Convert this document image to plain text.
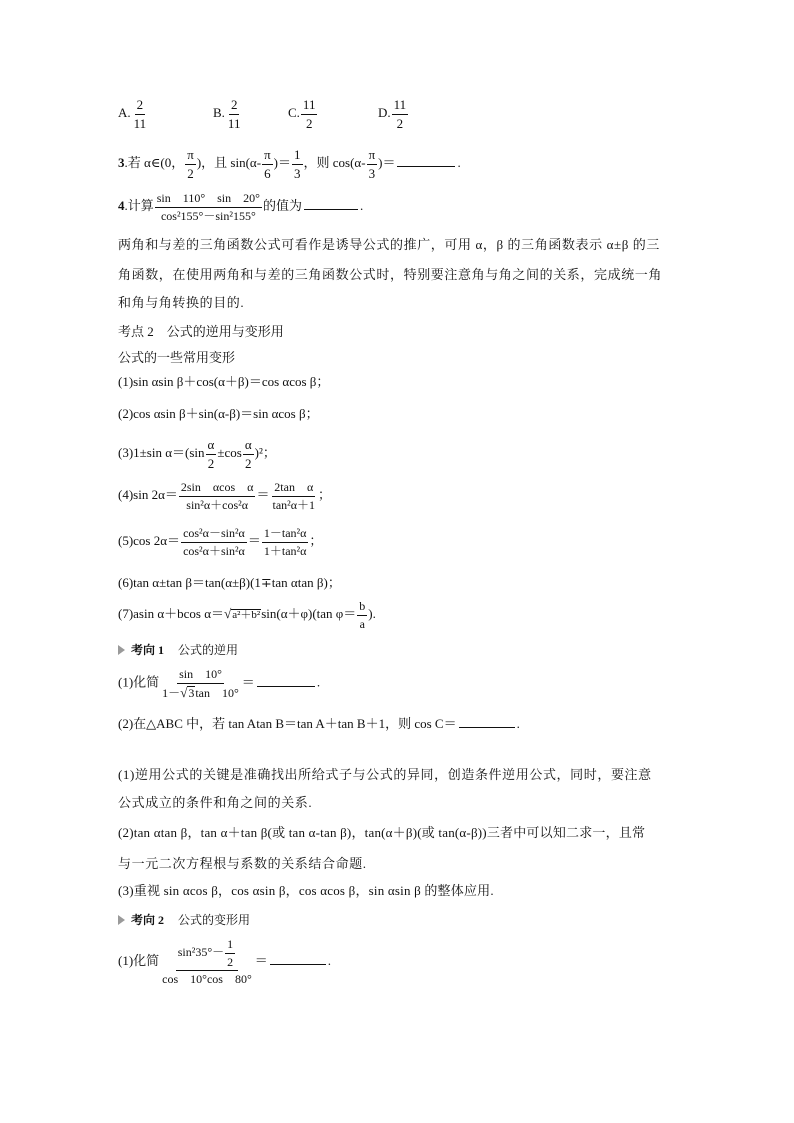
A. $\frac{2}{11}$	B. $\frac{2}{11}$	C. $\frac{11}{2}$	D. $\frac{11}{2}$
3.若 α∈(0， $\frac{\pi}{2}$ )，且 $\sin(\alpha- \frac{\pi}{6}$ )＝ $\frac{1}{3}$ ，则 $\cos(\alpha- \frac{\pi}{3}$ )＝	.
4.计算 $\frac{\sin 110^\circ \sin 20^\circ}{\text{cos²155°－sin²155°}}$ 的值为	.
两角和与差的三角函数公式可看作是诱导公式的推广，可用 α，β 的三角函数表示 α±β 的三
角函数，在使用两角和与差的三角函数公式时，特别要注意角与角之间的关系，完成统一角
和角与角转换的目的.
考点 2　公式的逆用与变形用
公式的一些常用变形
(1)sin αsin β＋cos(α＋β)＝cos αcos β；
(2)cos αsin β＋sin(α-β)＝sin αcos β；
(3)1±sin $\alpha=(\sin \frac{\alpha}{2} \pm\cos \frac{\alpha}{2} )^2$；
(4)sin $2\alpha= \frac{\text{2sin　αcos　α}}{\text{sin²α＋cos²α}} = \frac{\text{2tan　α}}{\text{tan²α＋1}}$ ；
(5)cos $2\alpha= \frac{\text{cos²α－sin²α}}{\text{cos²α＋sin²α}} = \frac{\text{1－tan²α}}{\text{1＋tan²α}}$ ；
(6)tan α±tan β＝tan(α±β)(1∓tan αtan β)；
(7)asin α＋bcos α＝√a²＋b²sin(α＋φ)(tan $\varphi= \frac{b}{a}$ ).
考向 1 公式的逆用
(1)化简 $\frac{\sin 10^\circ}{1-√3\tan 10^\circ}$ ＝	.
(2)在△ABC 中，若 tan Atan B＝tan A＋tan B＋1，则 cos C＝	.
(1)逆用公式的关键是准确找出所给式子与公式的异同，创造条件逆用公式，同时，要注意
公式成立的条件和角之间的关系.
(2)tan αtan β，tan α＋tan β(或 tan α-tan β)，tan(α＋β)(或 tan(α-β))三者中可以知二求一，且常
与一元二次方程根与系数的关系结合命题.
(3)重视 sin αcos β，cos αsin β，cos αcos β，sin αsin β 的整体应用.
考向 2 公式的变形用
(1)化简 $\frac{\sin^235^\circ- \frac{1}{2}}{\cos 10^\circ\cos 80^\circ}$ ＝	.
